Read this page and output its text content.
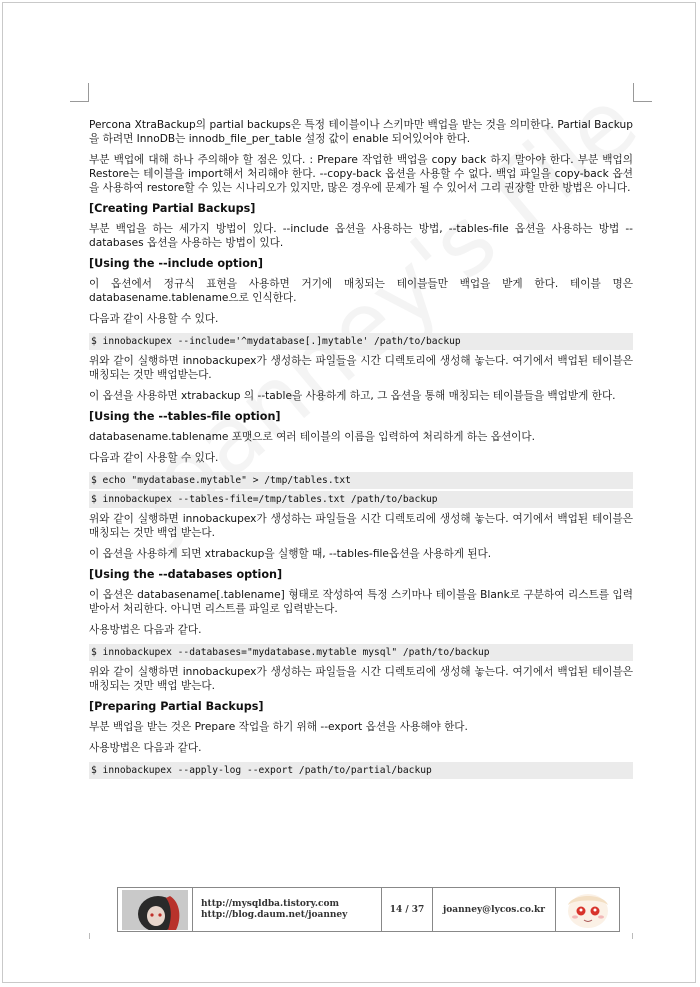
Percona XtraBackup의 partial backups은 특정 테이블이나 스키마만 백업을 받는 것을 의미한다. Partial Backup을 하려면 InnoDB는 innodb_file_per_table 설정 값이 enable 되어있어야 한다.

부분 백업에 대해 하나 주의해야 할 점은 있다. : Prepare 작업한 백업을 copy back 하지 말아야 한다. 부분 백업의 Restore는 테이블을 import해서 처리해야 한다. --copy-back 옵션을 사용할 수 없다. 백업 파일을 copy-back 옵션을 사용하여 restore할 수 있는 시나리오가 있지만, 많은 경우에 문제가 될 수 있어서 그리 권장할 만한 방법은 아니다.

[Creating Partial Backups]

부분 백업을 하는 세가지 방법이 있다. --include 옵션을 사용하는 방법, --tables-file 옵션을 사용하는 방법 --databases 옵션을 사용하는 방법이 있다.

[Using the --include option]

이 옵션에서 정규식 표현을 사용하면 거기에 매칭되는 테이블들만 백업을 받게 한다. 테이블 명은 databasename.tablename으로 인식한다.

다음과 같이 사용할 수 있다.

$ innobackupex --include='^mydatabase[.]mytable' /path/to/backup

위와 같이 실행하면 innobackupex가 생성하는 파일들을 시간 디렉토리에 생성해 놓는다. 여기에서 백업된 테이블은 매칭되는 것만 백업받는다.

이 옵션을 사용하면 xtrabackup 의 --table을 사용하게 하고, 그 옵션을 통해 매칭되는 테이블들을 백업받게 한다.

[Using the --tables-file option]

databasename.tablename 포맷으로 여러 테이블의 이름을 입력하여 처리하게 하는 옵션이다.

다음과 같이 사용할 수 있다.

$ echo "mydatabase.mytable" > /tmp/tables.txt
$ innobackupex --tables-file=/tmp/tables.txt /path/to/backup

위와 같이 실행하면 innobackupex가 생성하는 파일들을 시간 디렉토리에 생성해 놓는다. 여기에서 백업된 테이블은 매칭되는 것만 백업 받는다.

이 옵션을 사용하게 되면 xtrabackup을 실행할 때, --tables-file옵션을 사용하게 된다.

[Using the --databases option]

이 옵션은 databasename[.tablename] 형태로 작성하여 특정 스키마나 테이블을 Blank로 구분하여 리스트를 입력 받아서 처리한다. 아니면 리스트를 파일로 입력받는다.

사용방법은 다음과 같다.

$ innobackupex --databases="mydatabase.mytable mysql" /path/to/backup

위와 같이 실행하면 innobackupex가 생성하는 파일들을 시간 디렉토리에 생성해 놓는다. 여기에서 백업된 테이블은 매칭되는 것만 백업 받는다.

[Preparing Partial Backups]

부분 백업을 받는 것은 Prepare 작업을 하기 위해 --export 옵션을 사용해야 한다.

사용방법은 다음과 같다.

$ innobackupex --apply-log --export /path/to/partial/backup
http://mysqldba.tistory.com
http://blog.daum.net/joanney	14 / 37	joanney@lycos.co.kr
